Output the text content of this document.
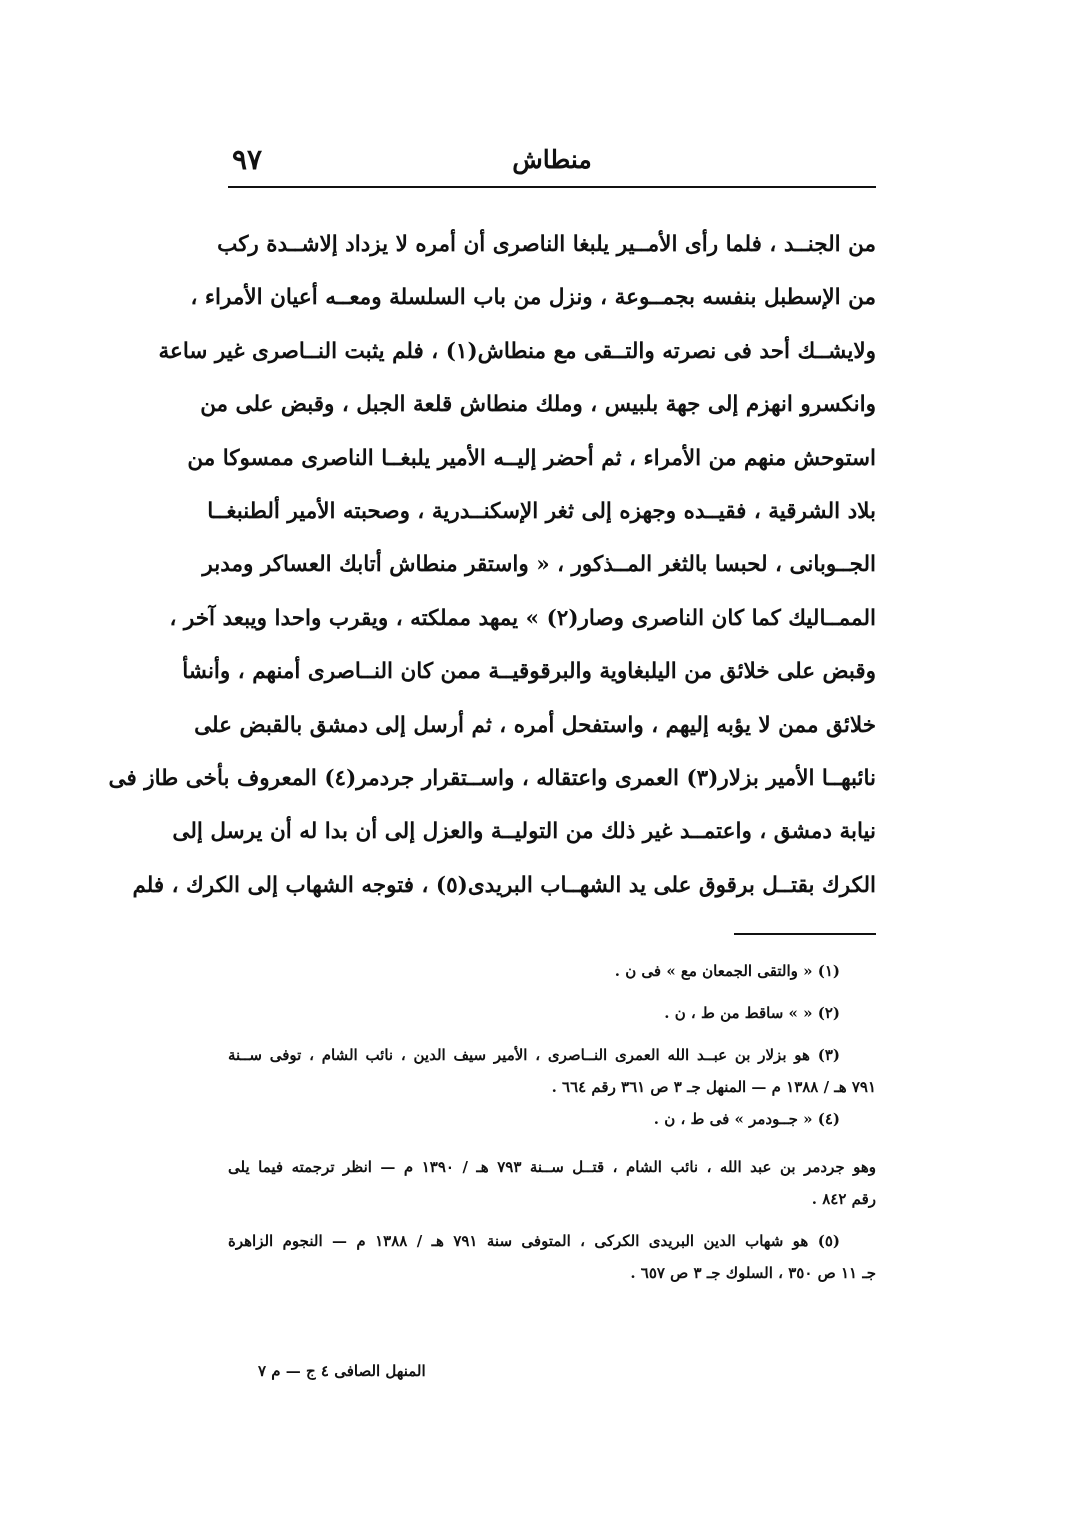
منطاش
٩٧
من الجنــد ، فلما رأى الأمــير يلبغا الناصرى أن أمره لا يزداد إلاشــدة ركب
من الإسطبل بنفسه بجمــوعة ، ونزل من باب السلسلة ومعــه أعيان الأمراء ،
ولايشــك أحد فى نصرته والتــقى مع منطاش(١) ، فلم يثبت النــاصرى غير ساعة
وانكسرو انهزم إلى جهة بلبيس ، وملك منطاش قلعة الجبل ، وقبض على من
استوحش منهم من الأمراء ، ثم أحضر إليــه الأمير يلبغــا الناصرى ممسوكا من
بلاد الشرقية ، فقيــده وجهزه إلى ثغر الإسكنــدرية ، وصحبته الأمير ألطنبغــا
الجــوبانى ، لحبسا بالثغر المــذكور ، « واستقر منطاش أتابك العساكر ومدبر
الممــاليك كما كان الناصرى وصار(٢) » يمهد مملكته ، ويقرب واحدا ويبعد آخر ،
وقبض على خلائق من اليلبغاوية والبرقوقيــة ممن كان النــاصرى أمنهم ، وأنشأ
خلائق ممن لا يؤبه إليهم ، واستفحل أمره ، ثم أرسل إلى دمشق بالقبض على
نائبهــا الأمير بزلار(٣) العمرى واعتقاله ، واســتقرار جردمر(٤) المعروف بأخى طاز فى
نيابة دمشق ، واعتمــد غير ذلك من التوليــة والعزل إلى أن بدا له أن يرسل إلى
الكرك بقتــل برقوق على يد الشهــاب البريدى(٥) ، فتوجه الشهاب إلى الكرك ، فلم
(١) « والتقى الجمعان مع » فى ن .
(٢) « » ساقط من ط ، ن .
(٣) هو بزلار بن عبــد الله العمرى النــاصرى ، الأمير سيف الدين ، نائب الشام ، توفى ســنة
٧٩١ هـ / ١٣٨٨ م — المنهل جـ ٣ ص ٣٦١ رقم ٦٦٤ .
(٤) « جــودمر » فى ط ، ن .
وهو جردمر بن عبد الله ، نائب الشام ، قتــل ســنة ٧٩٣ هـ / ١٣٩٠ م — انظر ترجمته فيما يلى
رقم ٨٤٢ .
(٥) هو شهاب الدين البريدى الكركى ، المتوفى سنة ٧٩١ هـ / ١٣٨٨ م — النجوم الزاهرة
جـ ١١ ص ٣٥٠ ، السلوك جـ ٣ ص ٦٥٧ .
المنهل الصافى ٤ ج — م ٧
